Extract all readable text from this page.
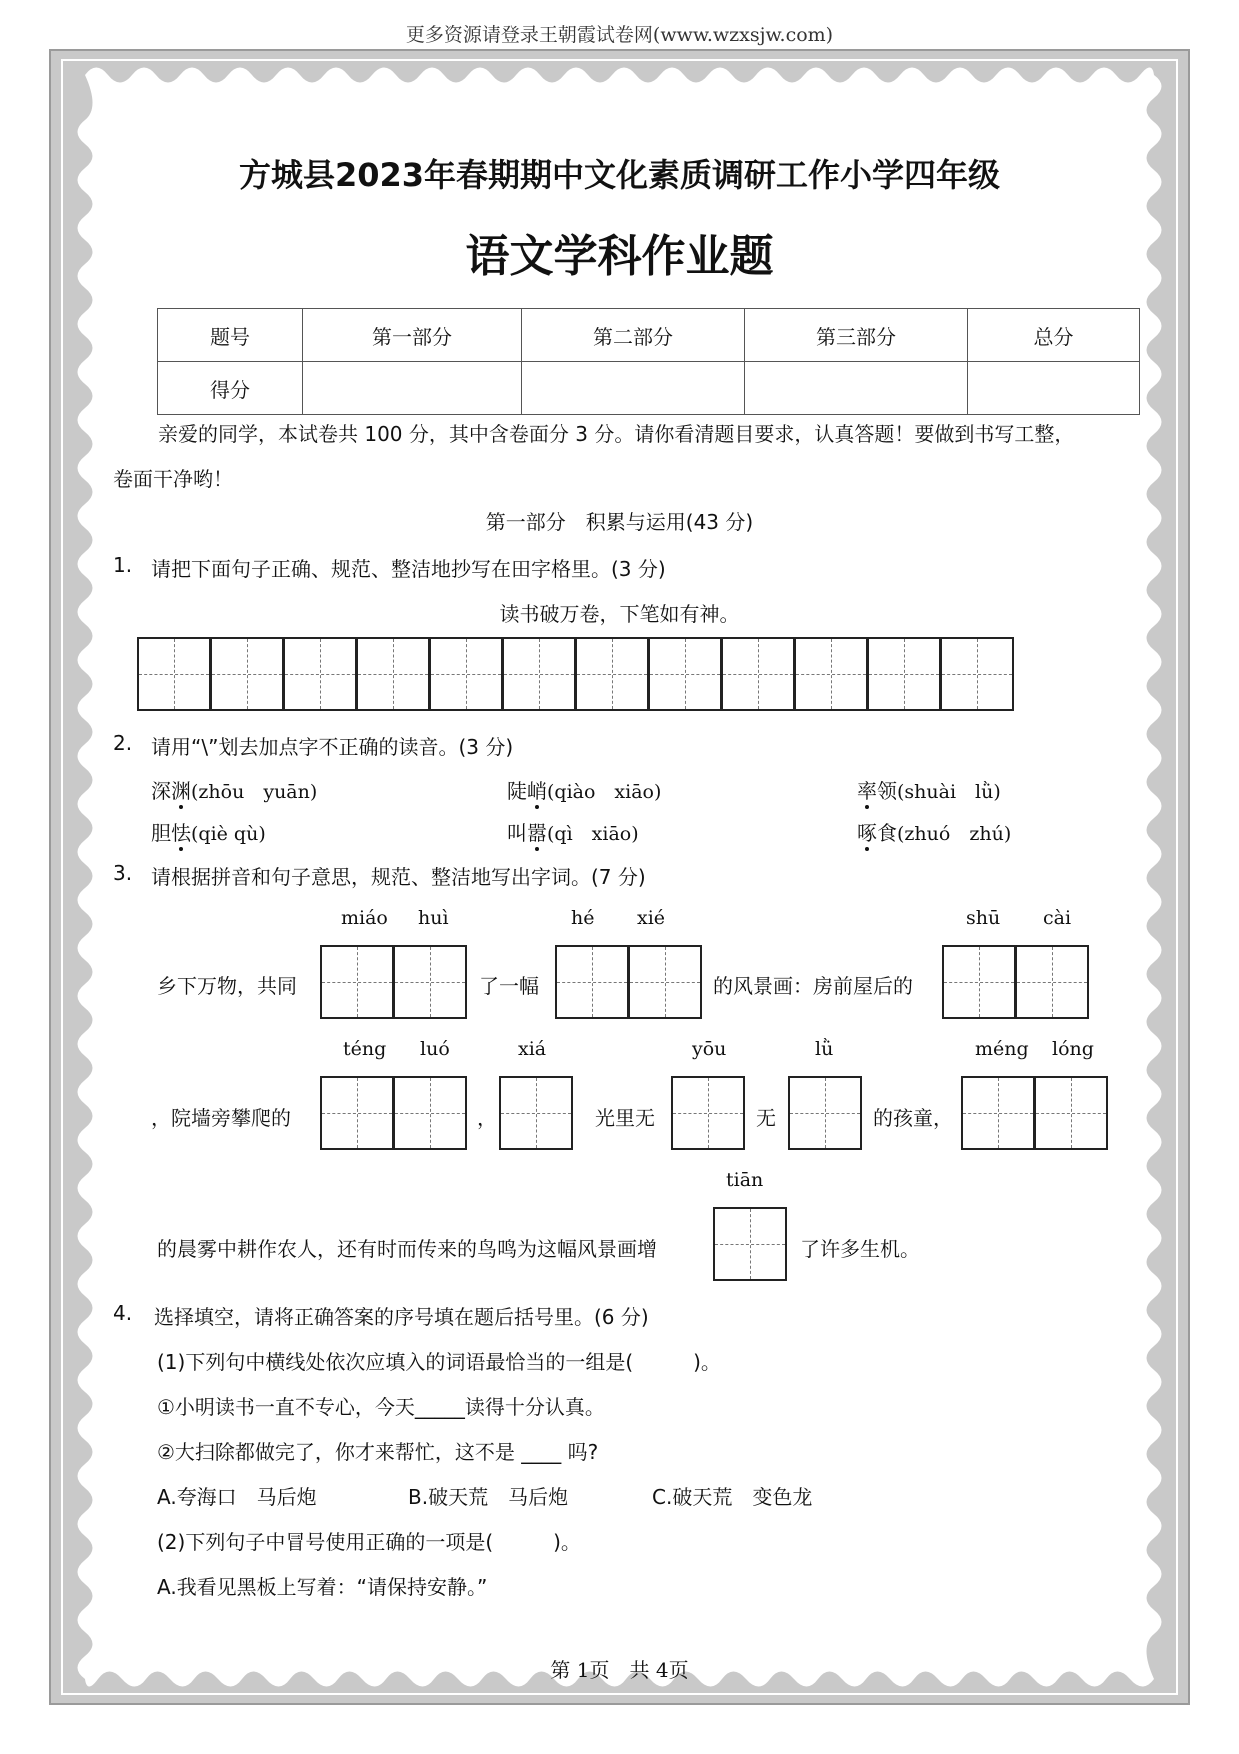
更多资源请登录王朝霞试卷网(www.wzxsjw.com)
方城县2023年春期期中文化素质调研工作小学四年级
语文学科作业题
题号	第一部分	第二部分	第三部分	总分
得分				
亲爱的同学，本试卷共 100 分，其中含卷面分 3 分。请你看清题目要求，认真答题！要做到书写工整，
卷面干净哟！
第一部分　积累与运用(43 分)
1. 请把下面句子正确、规范、整洁地抄写在田字格里。(3 分)
读书破万卷，下笔如有神。
2. 请用“\”划去加点字不正确的读音。(3 分)
深渊(zhōu　yuān)	陡峭(qiào　xiāo)	率领(shuài　lǜ)
胆怯(qiè qù)	叫嚣(qì　xiāo)	啄食(zhuó　zhú)
3. 请根据拼音和句子意思，规范、整洁地写出字词。(7 分)
miáo huì	hé xié	shū cài
乡下万物，共同	了一幅	的风景画：房前屋后的
téng luó	xiá	yōu	lǜ	méng lóng
，院墙旁攀爬的	，	光里无	无	的孩童，
tiān
的晨雾中耕作农人，还有时而传来的鸟鸣为这幅风景画增	了许多生机。
4. 选择填空，请将正确答案的序号填在题后括号里。(6 分)
(1)下列句中横线处依次应填入的词语最恰当的一组是(　　　)。
①小明读书一直不专心，今天_____读得十分认真。
②大扫除都做完了，你才来帮忙，这不是 ____ 吗?
A.夸海口　马后炮	B.破天荒　马后炮	C.破天荒　变色龙
(2)下列句子中冒号使用正确的一项是(　　　)。
A.我看见黑板上写着：“请保持安静。”
第 1页　共 4页
